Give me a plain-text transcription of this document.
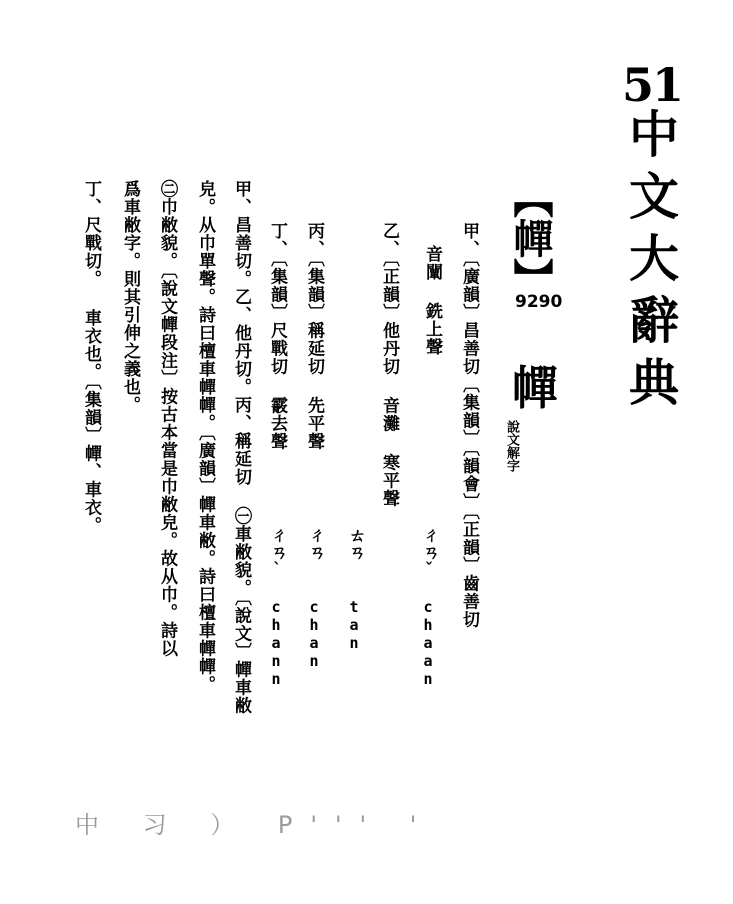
51
中文大辭典
【幝】
9290
幝
說文解字
甲、〔廣韻〕昌善切〔集韻〕〔韻會〕〔正韻〕齒善切
音闡 銑上聲
ㄔㄢˇ
chaan
乙、〔正韻〕他丹切 音灘 寒平聲
ㄊㄢ
tan
丙、〔集韻〕稱延切 先平聲
ㄔㄢ
chan
丁、〔集韻〕尺戰切 霰去聲
ㄔㄢˋ
chann
甲、昌善切。乙、他丹切。丙、稱延切 ㊀車敝貌。〔說文〕幝車敝
皃。从巾單聲。詩曰檀車幝幝。〔廣韻〕幝車敝。詩曰檀車幝幝。
㊁巾敝貌。〔說文幝段注〕按古本當是巾敝皃。故从巾。詩以
爲車敝字。則其引伸之義也。
丁、尺戰切。 車衣也。〔集韻〕幝、車衣。
中 习 ） P''' '
